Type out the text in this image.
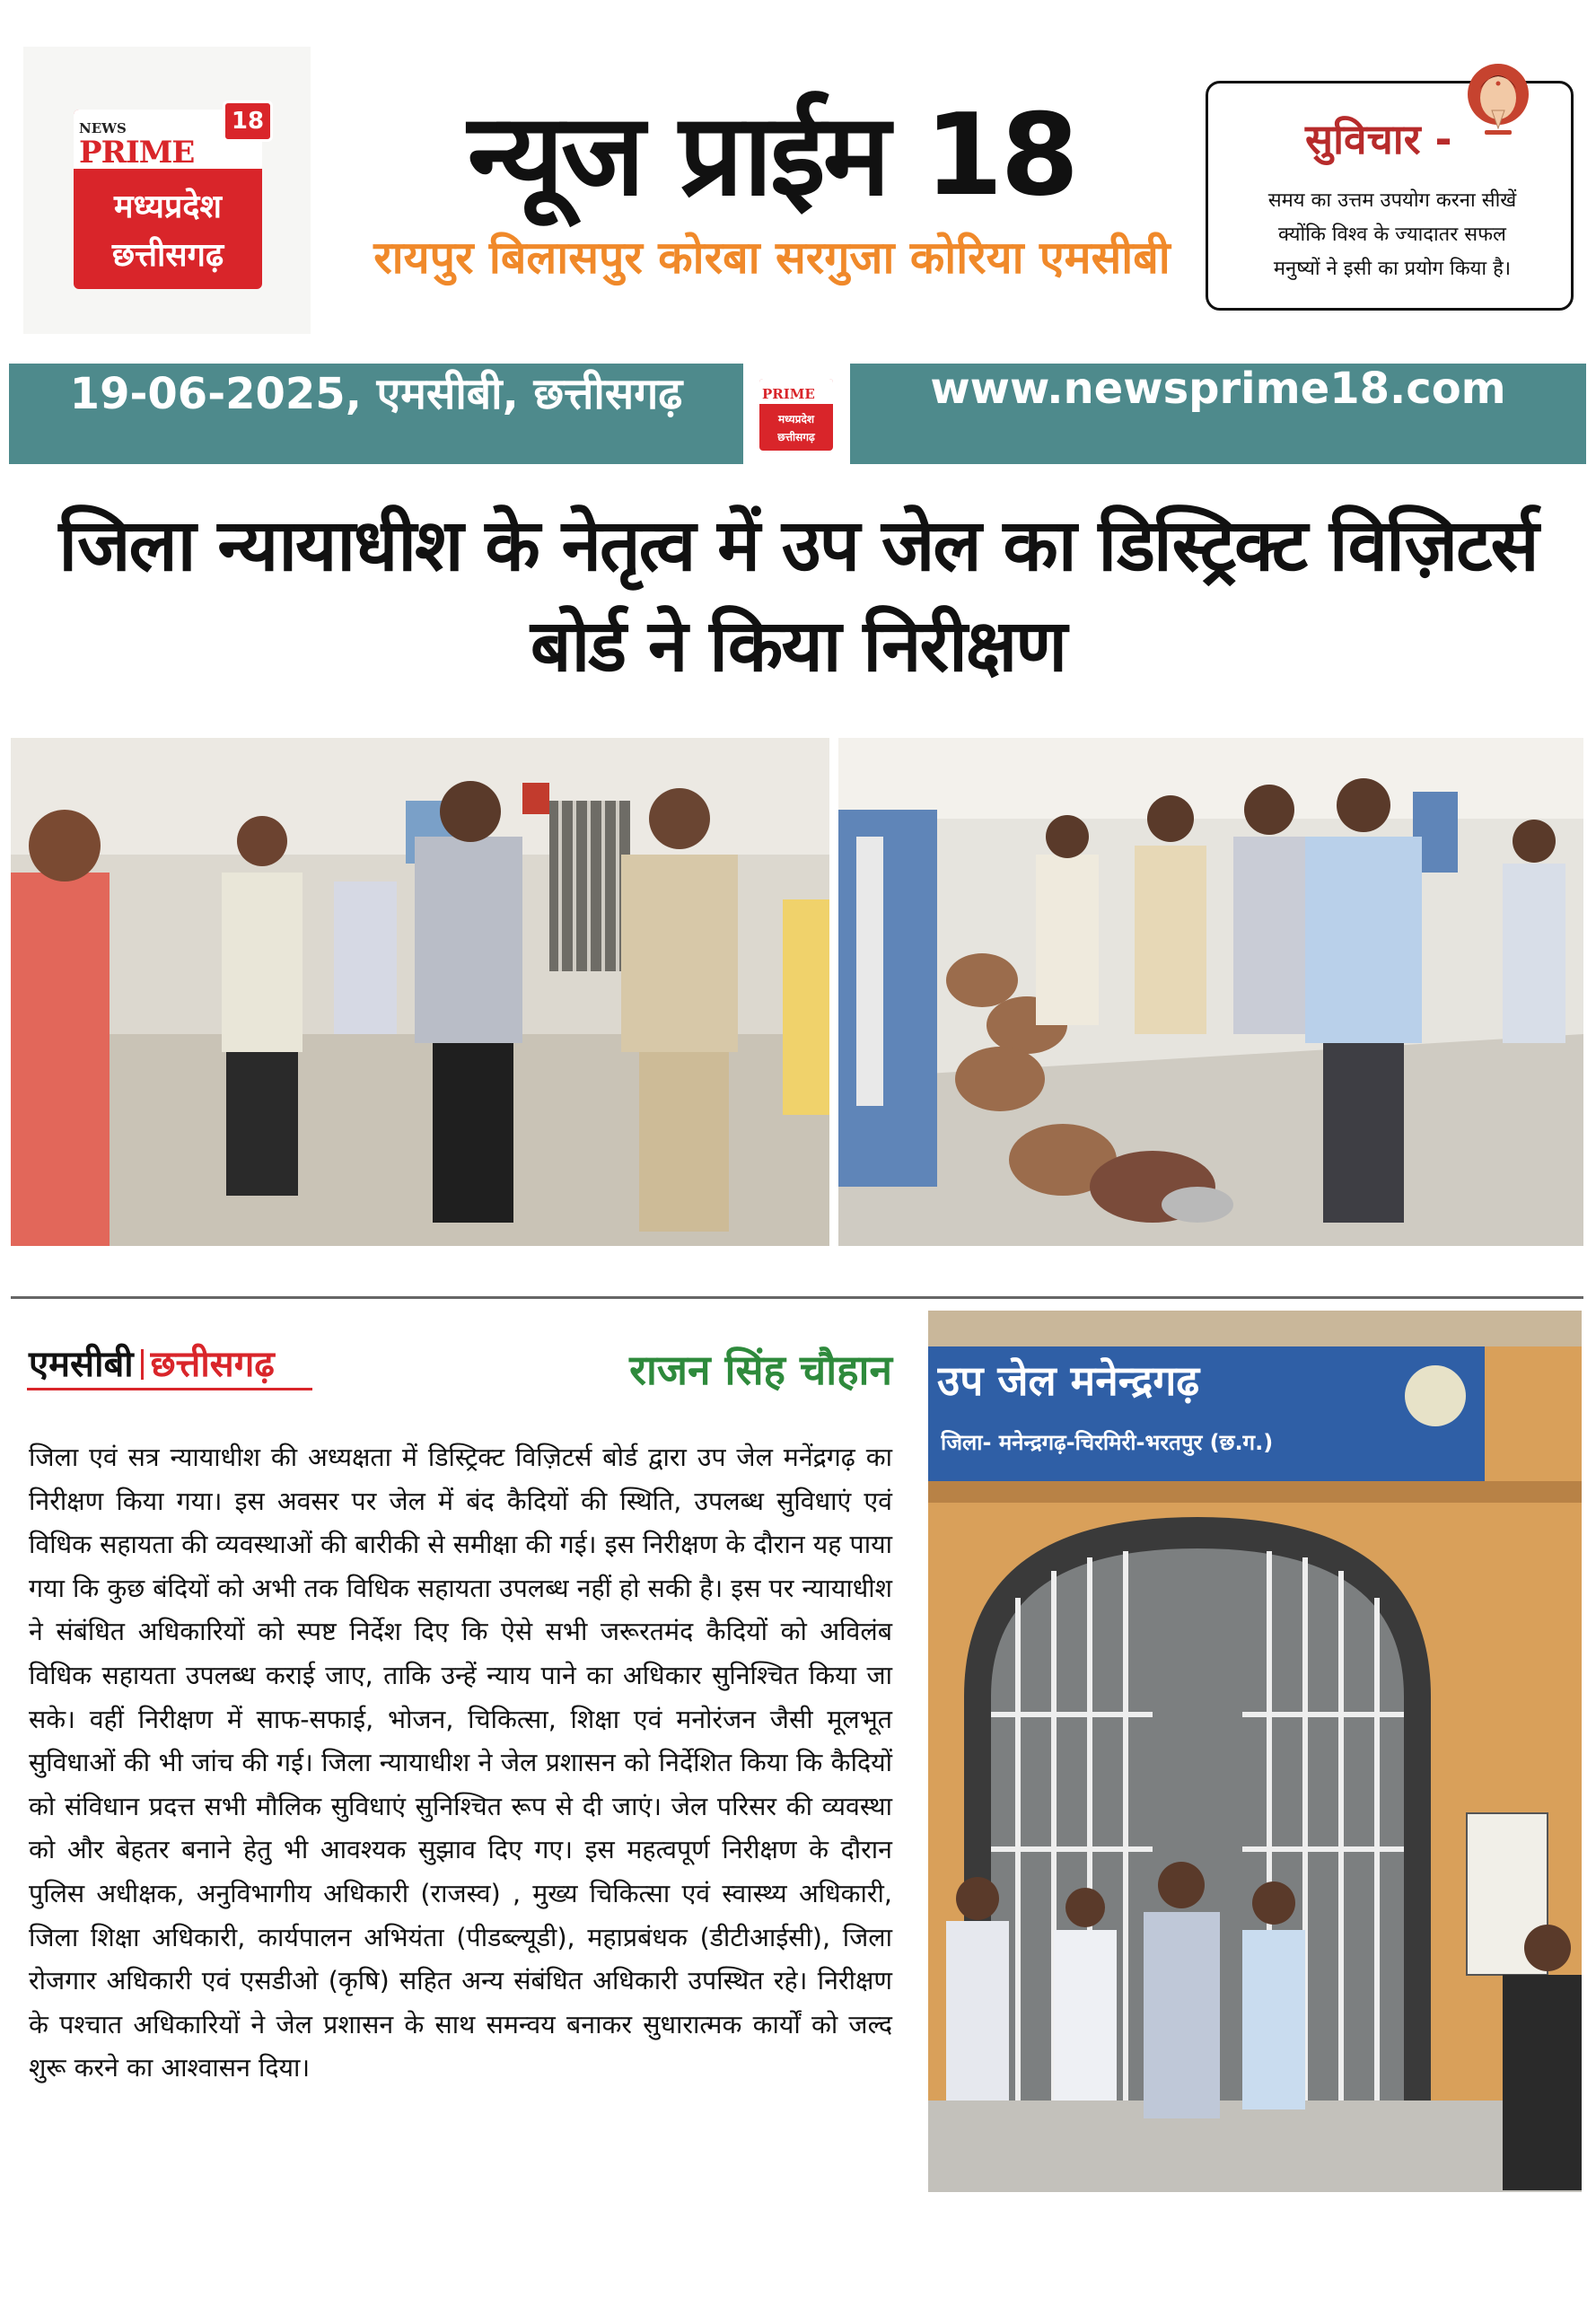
NEWS
PRIME
मध्यप्रदेश
छत्तीसगढ़
18	न्यूज प्राईम 18
रायपुर बिलासपुर कोरबा सरगुजा कोरिया एमसीबी
सुविचार -
समय का उत्तम उपयोग करना सीखें
क्योंकि विश्व के ज्यादातर सफल
मनुष्यों ने इसी का प्रयोग किया है।
19-06-2025, एमसीबी, छत्तीसगढ़	PRIME
मध्यप्रदेश
छत्तीसगढ़
www.newsprime18.com
जिला न्यायाधीश के नेतृत्व में उप जेल का डिस्ट्रिक्ट विज़िटर्स
बोर्ड ने किया निरीक्षण
एमसीबी छत्तीसगढ़	राजन सिंह चौहान
जिला एवं सत्र न्यायाधीश की अध्यक्षता में डिस्ट्रिक्ट विज़िटर्स बोर्ड द्वारा उप जेल मनेंद्रगढ़ का निरीक्षण किया गया। इस अवसर पर जेल में बंद कैदियों की स्थिति, उपलब्ध सुविधाएं एवं विधिक सहायता की व्यवस्थाओं की बारीकी से समीक्षा की गई। इस निरीक्षण के दौरान यह पाया गया कि कुछ बंदियों को अभी तक विधिक सहायता उपलब्ध नहीं हो सकी है। इस पर न्यायाधीश ने संबंधित अधिकारियों को स्पष्ट निर्देश दिए कि ऐसे सभी जरूरतमंद कैदियों को अविलंब विधिक सहायता उपलब्ध कराई जाए, ताकि उन्हें न्याय पाने का अधिकार सुनिश्चित किया जा सके। वहीं निरीक्षण में साफ-सफाई, भोजन, चिकित्सा, शिक्षा एवं मनोरंजन जैसी मूलभूत सुविधाओं की भी जांच की गई। जिला न्यायाधीश ने जेल प्रशासन को निर्देशित किया कि कैदियों को संविधान प्रदत्त सभी मौलिक सुविधाएं सुनिश्चित रूप से दी जाएं। जेल परिसर की व्यवस्था को और बेहतर बनाने हेतु भी आवश्यक सुझाव दिए गए। इस महत्वपूर्ण निरीक्षण के दौरान पुलिस अधीक्षक, अनुविभागीय अधिकारी (राजस्व) , मुख्य चिकित्सा एवं स्वास्थ्य अधिकारी, जिला शिक्षा अधिकारी, कार्यपालन अभियंता (पीडब्ल्यूडी), महाप्रबंधक (डीटीआईसी), जिला रोजगार अधिकारी एवं एसडीओ (कृषि) सहित अन्य संबंधित अधिकारी उपस्थित रहे। निरीक्षण के पश्चात अधिकारियों ने जेल प्रशासन के साथ समन्वय बनाकर सुधारात्मक कार्यों को जल्द शुरू करने का आश्वासन दिया।
उप जेल मनेन्द्रगढ़
जिला- मनेन्द्रगढ़-चिरमिरी-भरतपुर (छ.ग.)
